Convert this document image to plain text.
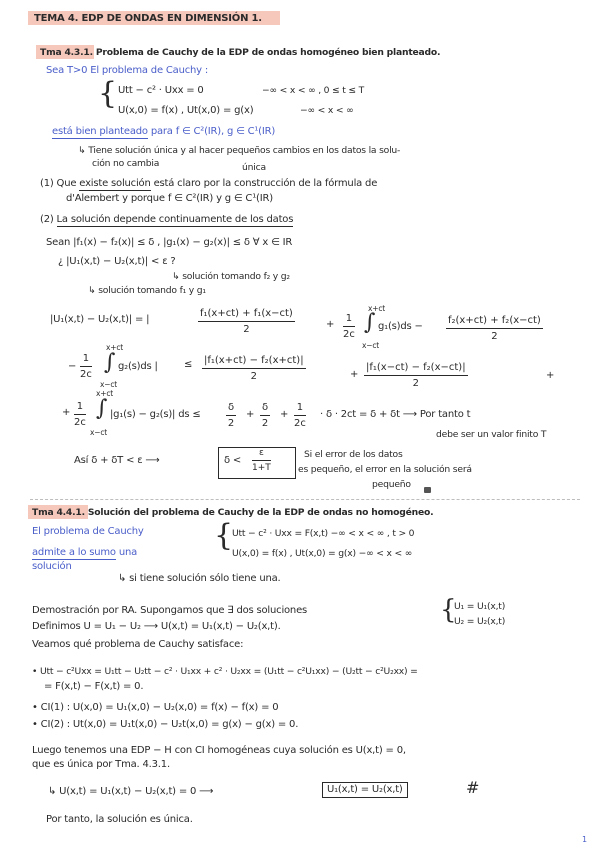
TEMA 4. EDP DE ONDAS EN DIMENSIÓN 1.
Tma 4.3.1. Problema de Cauchy de la EDP de ondas homogéneo bien planteado.
Sea T>0 El problema de Cauchy :
{ Utt − c² · Uxx = 0	−∞ < x < ∞ , 0 ≤ t ≤ T
U(x,0) = f(x) , Ut(x,0) = g(x)	−∞ < x < ∞
está bien planteado para f ∈ C²(IR), g ∈ C¹(IR)
↳ Tiene solución única y al hacer pequeños cambios en los datos la solu-
ción no cambia	única
(1) Que existe solución está claro por la construcción de la fórmula de
d'Alembert y porque f ∈ C²(IR) y g ∈ C¹(IR)
(2) La solución depende continuamente de los datos
Sean |f₁(x) − f₂(x)| ≤ δ , |g₁(x) − g₂(x)| ≤ δ ∀ x ∈ IR
¿ |U₁(x,t) − U₂(x,t)| < ε ?
↳ solución tomando f₂ y g₂
↳ solución tomando f₁ y g₁
|U₁(x,t) − U₂(x,t)| = |	$\frac{\text{f₁(x+ct) + f₁(x−ct)}}{2}$	+ $\frac{1}{2c}$
x+ct
∫
x−ct
$g_1(s)ds - \frac{\text{f₂(x+ct) + f₂(x−ct)}}{2}$
− $\frac{1}{2c}$
x+ct
∫
x−ct
g₂(s)ds |	≤ $\frac{\text{|f₁(x+ct) − f₂(x+ct)|}}{2}$	+ $\frac{\text{|f₁(x−ct) − f₂(x−ct)|}}{2}$	+
+ $\frac{1}{2c}$
x+ct
∫
x−ct
|g₁(s) − g₂(s)| ds ≤	$\frac{\delta}{2} + \frac{\delta}{2} + \frac{1}{2c} \cdot \delta \cdot 2ct = \delta + \delta t$ ⟶ Por tanto t
debe ser un valor finito T
Así δ + δT < ε ⟶	$\delta < \frac{\varepsilon}{1+T}$	Si el error de los datos
es pequeño, el error en la solución será
pequeño
Tma 4.4.1. Solución del problema de Cauchy de la EDP de ondas no homogéneo.
El problema de Cauchy
admite a lo sumo una
solución
{
Utt − c² · Uxx = F(x,t) −∞ < x < ∞ , t > 0
U(x,0) = f(x) , Ut(x,0) = g(x) −∞ < x < ∞
↳ si tiene solución sólo tiene una.
Demostración por RA. Supongamos que ∃ dos soluciones	{
U₁ = U₁(x,t)
U₂ = U₂(x,t)
Definimos U = U₁ − U₂ ⟶ U(x,t) = U₁(x,t) − U₂(x,t).
Veamos qué problema de Cauchy satisface:
• Utt − c²Uxx = U₁tt − U₂tt − c² · U₁xx + c² · U₂xx = (U₁tt − c²U₁xx) − (U₂tt − c²U₂xx) =
= F(x,t) − F(x,t) = 0.
• CI(1) : U(x,0) = U₁(x,0) − U₂(x,0) = f(x) − f(x) = 0
• CI(2) : Ut(x,0) = U₁t(x,0) − U₂t(x,0) = g(x) − g(x) = 0.
Luego tenemos una EDP − H con CI homogéneas cuya solución es U(x,t) = 0,
que es única por Tma. 4.3.1.
↳ U(x,t) = U₁(x,t) − U₂(x,t) = 0 ⟶	U₁(x,t) = U₂(x,t)	#
Por tanto, la solución es única.
1
